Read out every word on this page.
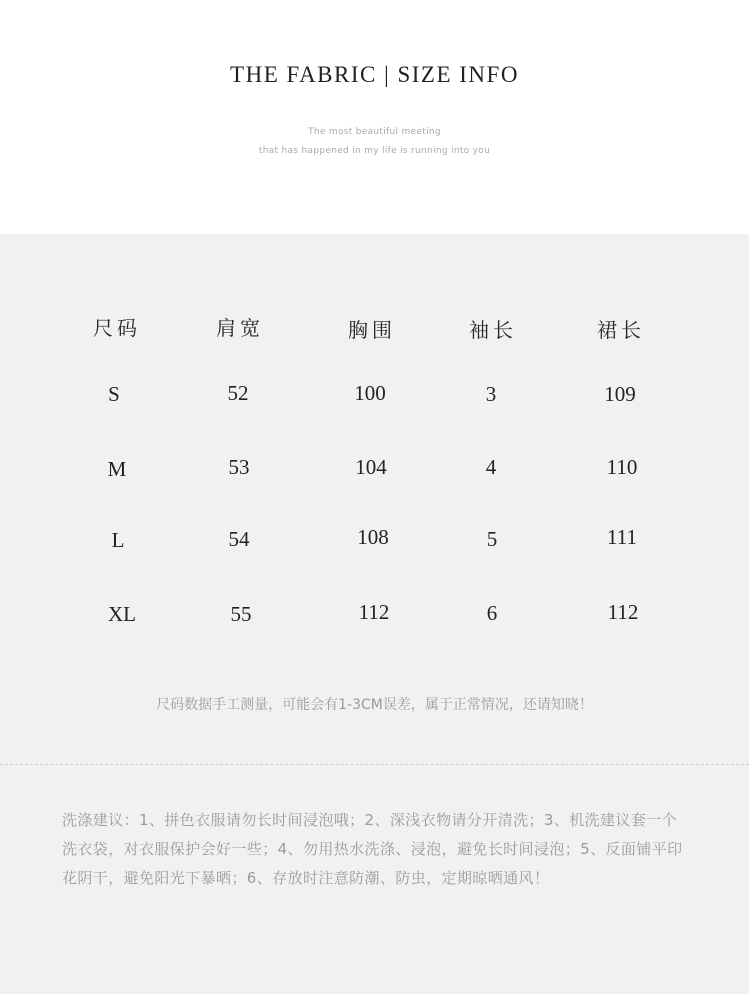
THE FABRIC | SIZE INFO
The most beautiful meeting
that has happened in my life is running into you
尺码	肩宽	胸围	袖长	裙长
S	52	100	3	109
M	53	104	4	110
L	54	108	5	111
XL	55	112	6	112
尺码数据手工测量，可能会有1-3CM误差，属于正常情况，还请知晓！
洗涤建议：1、拼色衣服请勿长时间浸泡哦；2、深浅衣物请分开清洗；3、机洗建议套一个洗衣袋，对衣服保护会好一些；4、勿用热水洗涤、浸泡，避免长时间浸泡；5、反面铺平印花阴干，避免阳光下暴晒；6、存放时注意防潮、防虫，定期晾晒通风！
